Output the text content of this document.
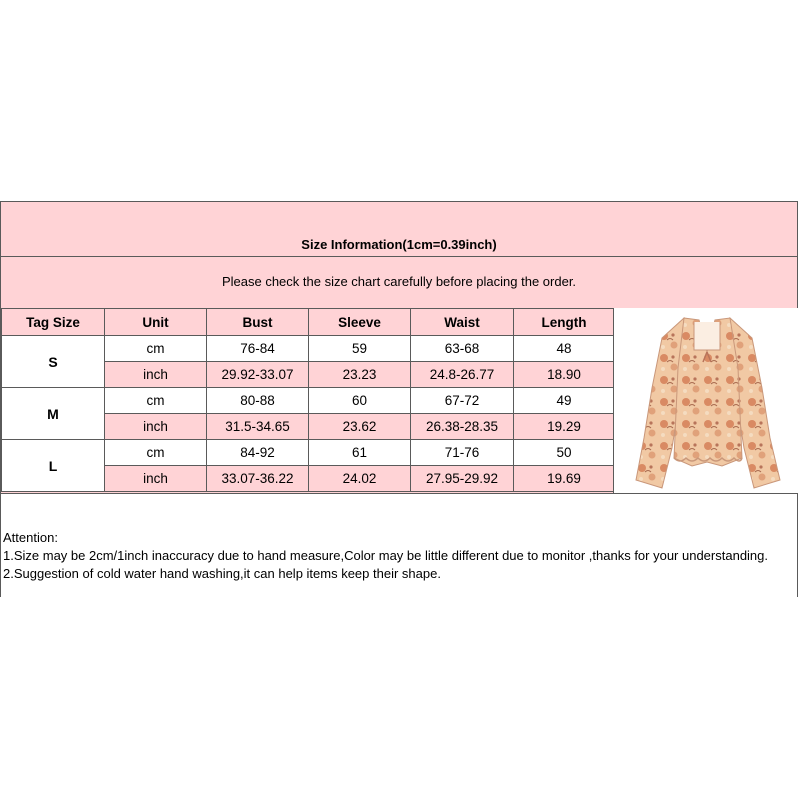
Size Information(1cm=0.39inch)
Please check the size chart carefully before placing the order.
Tag Size	Unit	Bust	Sleeve	Waist	Length
S	cm	76-84	59	63-68	48
	inch	29.92-33.07	23.23	24.8-26.77	18.90
M	cm	80-88	60	67-72	49
	inch	31.5-34.65	23.62	26.38-28.35	19.29
L	cm	84-92	61	71-76	50
	inch	33.07-36.22	24.02	27.95-29.92	19.69

Attention:

1.Size may be 2cm/1inch inaccuracy due to hand measure,Color may be little different due to monitor ,thanks for your understanding.

2.Suggestion of cold water hand washing,it can help items keep their shape.
